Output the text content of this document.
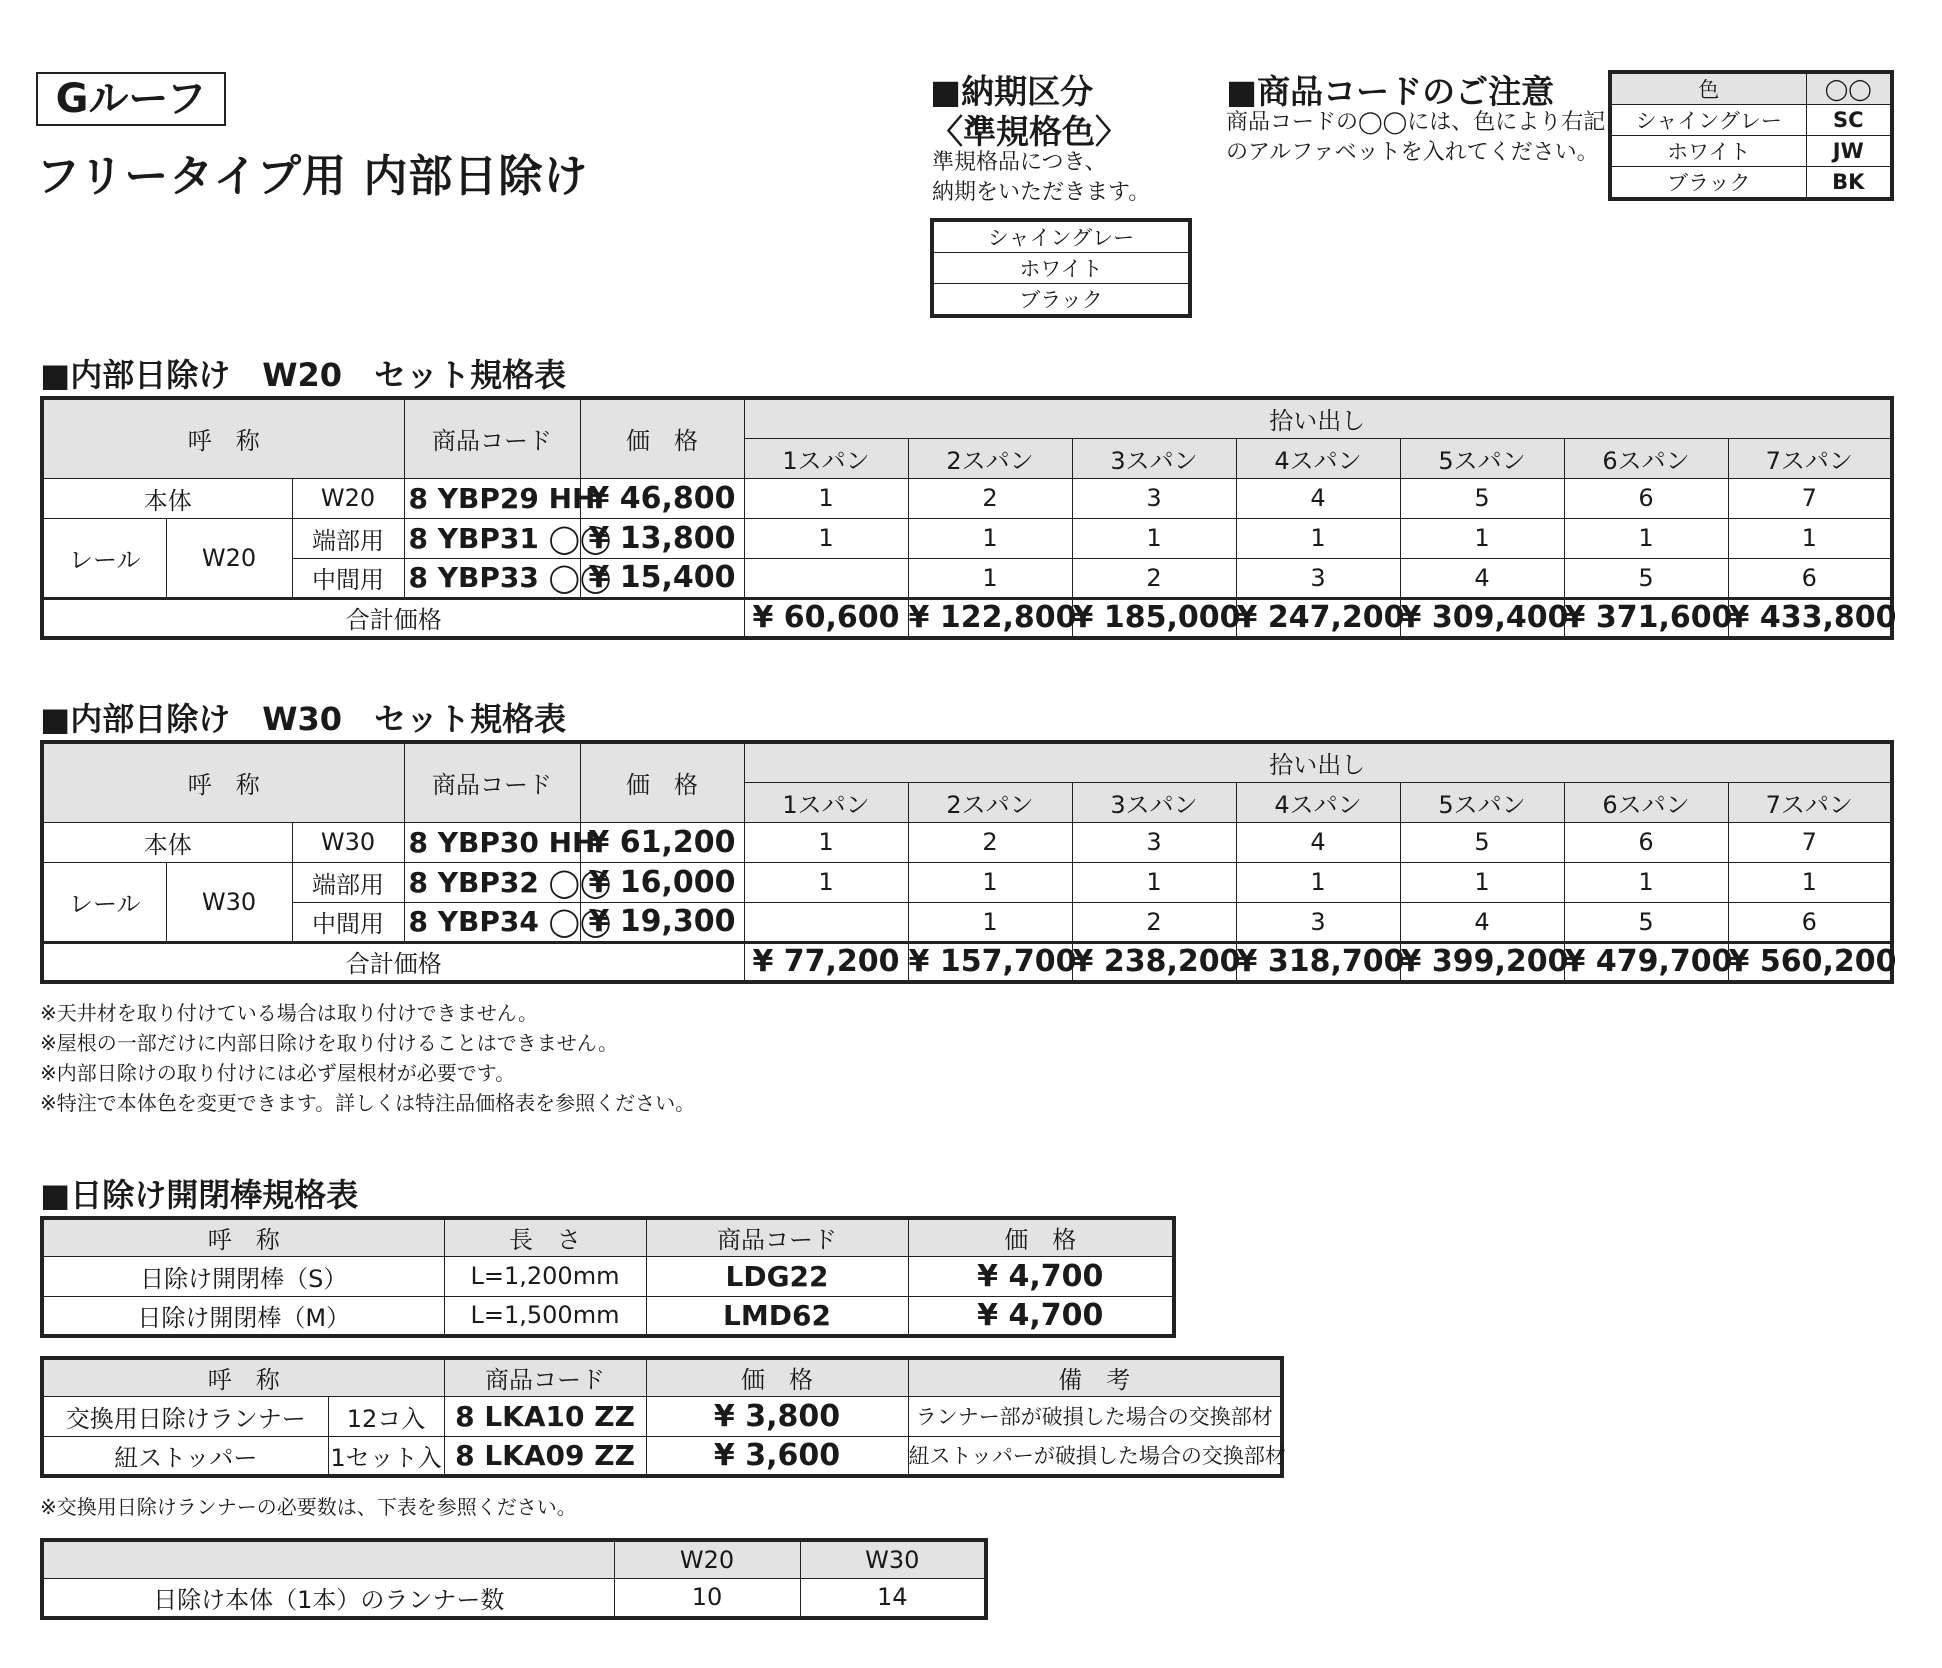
Gルーフ
フリータイプ用 内部日除け
■納期区分
〈準規格色〉
準規格品につき、
納期をいただきます。
シャイングレー
ホワイト
ブラック
■商品コードのご注意
商品コードの◯◯には、色により右記
のアルファベットを入れてください。
色	◯◯
シャイングレー	SC
ホワイト	JW
ブラック	BK
■内部日除け　W20　セット規格表
呼　称			商品コード	価　格	拾い出し						
					1スパン	2スパン	3スパン	4スパン	5スパン	6スパン	7スパン
本体		W20	8 YBP29 HH	¥ 46,800	1	2	3	4	5	6	7
レール	W20	端部用	8 YBP31 ◯◯	¥ 13,800	1	1	1	1	1	1	1
		中間用	8 YBP33 ◯◯	¥ 15,400		1	2	3	4	5	6
合計価格					¥ 60,600	¥ 122,800	¥ 185,000	¥ 247,200	¥ 309,400	¥ 371,600	¥ 433,800
■内部日除け　W30　セット規格表
呼　称			商品コード	価　格	拾い出し						
					1スパン	2スパン	3スパン	4スパン	5スパン	6スパン	7スパン
本体		W30	8 YBP30 HH	¥ 61,200	1	2	3	4	5	6	7
レール	W30	端部用	8 YBP32 ◯◯	¥ 16,000	1	1	1	1	1	1	1
		中間用	8 YBP34 ◯◯	¥ 19,300		1	2	3	4	5	6
合計価格					¥ 77,200	¥ 157,700	¥ 238,200	¥ 318,700	¥ 399,200	¥ 479,700	¥ 560,200
※天井材を取り付けている場合は取り付けできません。
※屋根の一部だけに内部日除けを取り付けることはできません。
※内部日除けの取り付けには必ず屋根材が必要です。
※特注で本体色を変更できます。詳しくは特注品価格表を参照ください。
■日除け開閉棒規格表
呼　称	長　さ	商品コード	価　格
日除け開閉棒（S）	L=1,200mm	LDG22	¥ 4,700
日除け開閉棒（M）	L=1,500mm	LMD62	¥ 4,700
呼　称		商品コード	価　格	備　考
交換用日除けランナー	12コ入	8 LKA10 ZZ	¥ 3,800	ランナー部が破損した場合の交換部材
紐ストッパー	1セット入	8 LKA09 ZZ	¥ 3,600	紐ストッパーが破損した場合の交換部材
※交換用日除けランナーの必要数は、下表を参照ください。
	W20	W30
日除け本体（1本）のランナー数	10	14
